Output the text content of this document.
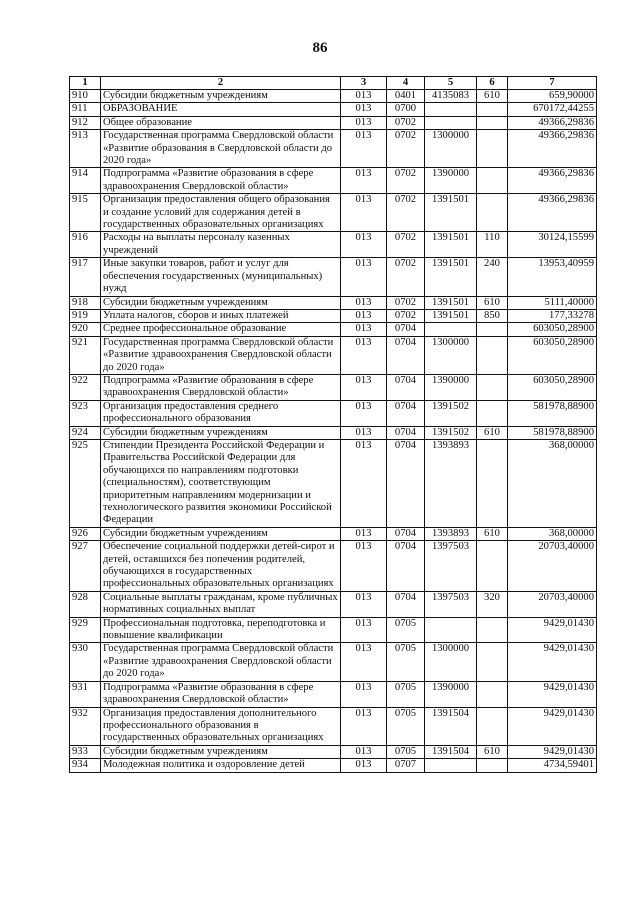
86
1	2	3	4	5	6	7
910	Субсидии бюджетным учреждениям	013	0401	4135083	610	659,90000
911	ОБРАЗОВАНИЕ	013	0700			670172,44255
912	Общее образование	013	0702			49366,29836
913	Государственная программа Свердловской области «Развитие образования в Свердловской области до 2020 года»	013	0702	1300000		49366,29836
914	Подпрограмма «Развитие образования в сфере здравоохранения Свердловской области»	013	0702	1390000		49366,29836
915	Организация предоставления общего образования и создание условий для содержания детей в государственных образовательных организациях	013	0702	1391501		49366,29836
916	Расходы на выплаты персоналу казенных учреждений	013	0702	1391501	110	30124,15599
917	Иные закупки товаров, работ и услуг для обеспечения государственных (муниципальных) нужд	013	0702	1391501	240	13953,40959
918	Субсидии бюджетным учреждениям	013	0702	1391501	610	5111,40000
919	Уплата налогов, сборов и иных платежей	013	0702	1391501	850	177,33278
920	Среднее профессиональное образование	013	0704			603050,28900
921	Государственная программа Свердловской области «Развитие здравоохранения Свердловской области до 2020 года»	013	0704	1300000		603050,28900
922	Подпрограмма «Развитие образования в сфере здравоохранения Свердловской области»	013	0704	1390000		603050,28900
923	Организация предоставления среднего профессионального образования	013	0704	1391502		581978,88900
924	Субсидии бюджетным учреждениям	013	0704	1391502	610	581978,88900
925	Стипендии Президента Российской Федерации и Правительства Российской Федерации для обучающихся по направлениям подготовки (специальностям), соответствующим приоритетным направлениям модернизации и технологического развития экономики Российской Федерации	013	0704	1393893		368,00000
926	Субсидии бюджетным учреждениям	013	0704	1393893	610	368,00000
927	Обеспечение социальной поддержки детей-сирот и детей, оставшихся без попечения родителей, обучающихся в государственных профессиональных образовательных организациях	013	0704	1397503		20703,40000
928	Социальные выплаты гражданам, кроме публичных нормативных социальных выплат	013	0704	1397503	320	20703,40000
929	Профессиональная подготовка, переподготовка и повышение квалификации	013	0705			9429,01430
930	Государственная программа Свердловской области «Развитие здравоохранения Свердловской области до 2020 года»	013	0705	1300000		9429,01430
931	Подпрограмма «Развитие образования в сфере здравоохранения Свердловской области»	013	0705	1390000		9429,01430
932	Организация предоставления дополнительного профессионального образования в государственных образовательных организациях	013	0705	1391504		9429,01430
933	Субсидии бюджетным учреждениям	013	0705	1391504	610	9429,01430
934	Молодежная политика и оздоровление детей	013	0707			4734,59401
